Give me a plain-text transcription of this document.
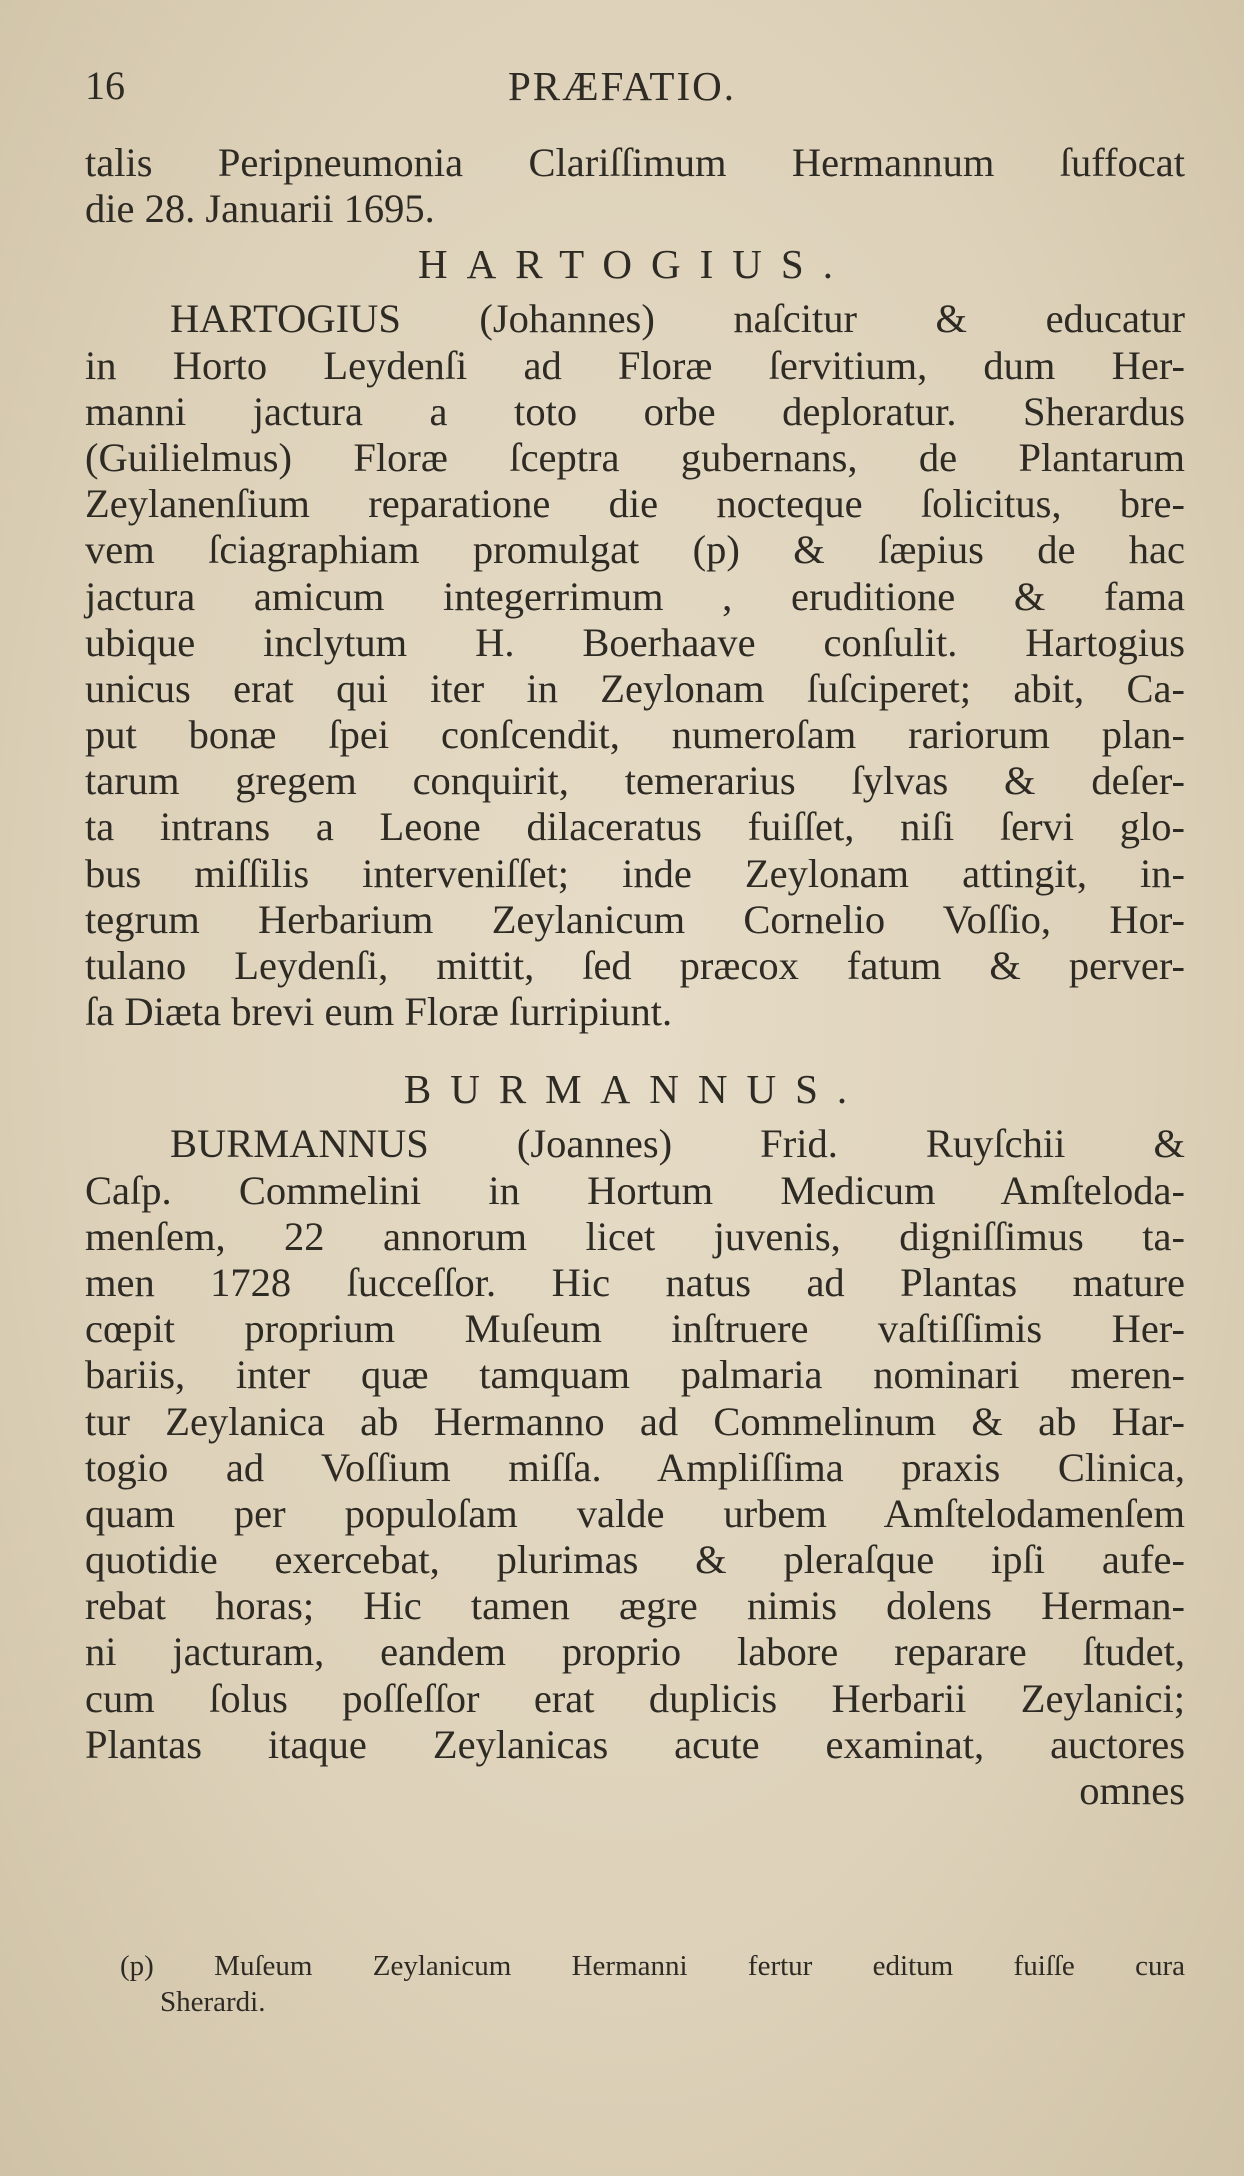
16	PRÆFATIO.
talis Peripneumonia Clariſſimum Hermannum ſuffocat
die 28. Januarii 1695.
HARTOGIUS.
HARTOGIUS (Johannes) naſcitur & educatur
in Horto Leydenſi ad Floræ ſervitium, dum Her-
manni jactura a toto orbe deploratur. Sherardus
(Guilielmus) Floræ ſceptra gubernans, de Plantarum
Zeylanenſium reparatione die nocteque ſolicitus, bre-
vem ſciagraphiam promulgat (p) & ſæpius de hac
jactura amicum integerrimum , eruditione & fama
ubique inclytum H. Boerhaave conſulit. Hartogius
unicus erat qui iter in Zeylonam ſuſciperet; abit, Ca-
put bonæ ſpei conſcendit, numeroſam rariorum plan-
tarum gregem conquirit, temerarius ſylvas & deſer-
ta intrans a Leone dilaceratus fuiſſet, niſi ſervi glo-
bus miſſilis interveniſſet; inde Zeylonam attingit, in-
tegrum Herbarium Zeylanicum Cornelio Voſſio, Hor-
tulano Leydenſi, mittit, ſed præcox fatum & perver-
ſa Diæta brevi eum Floræ ſurripiunt.
BURMANNUS.
BURMANNUS (Joannes) Frid. Ruyſchii &
Caſp. Commelini in Hortum Medicum Amſteloda-
menſem, 22 annorum licet juvenis, digniſſimus ta-
men 1728 ſucceſſor. Hic natus ad Plantas mature
cœpit proprium Muſeum inſtruere vaſtiſſimis Her-
bariis, inter quæ tamquam palmaria nominari meren-
tur Zeylanica ab Hermanno ad Commelinum & ab Har-
togio ad Voſſium miſſa. Ampliſſima praxis Clinica,
quam per populoſam valde urbem Amſtelodamenſem
quotidie exercebat, plurimas & pleraſque ipſi aufe-
rebat horas; Hic tamen ægre nimis dolens Herman-
ni jacturam, eandem proprio labore reparare ſtudet,
cum ſolus poſſeſſor erat duplicis Herbarii Zeylanici;
Plantas itaque Zeylanicas acute examinat, auctores
omnes
(p) Muſeum Zeylanicum Hermanni fertur editum fuiſſe cura
Sherardi.
